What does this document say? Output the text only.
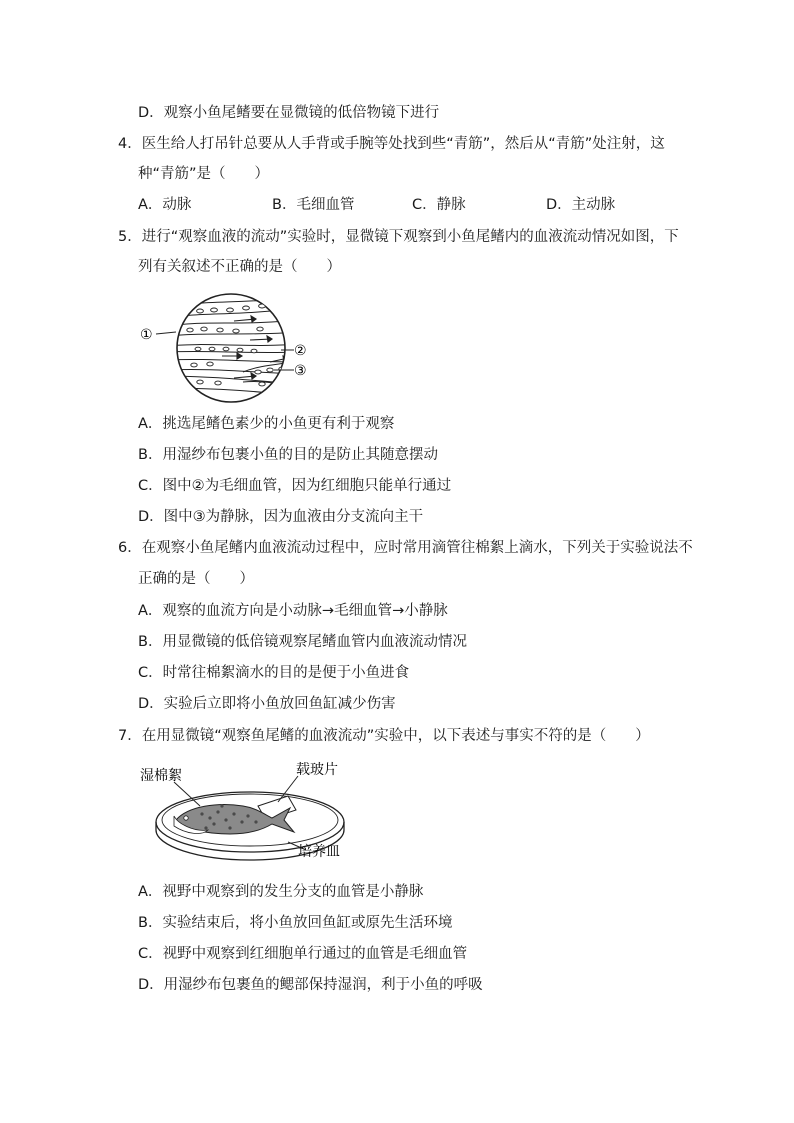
D．观察小鱼尾鳍要在显微镜的低倍物镜下进行
4．医生给人打吊针总要从人手背或手腕等处找到些“青筋”，然后从“青筋”处注射，这
种“青筋”是（　　）
A．动脉	B．毛细血管	C．静脉	D．主动脉
5．进行“观察血液的流动”实验时，显微镜下观察到小鱼尾鳍内的血液流动情况如图，下
列有关叙述不正确的是（　　）
①
②
③
A．挑选尾鳍色素少的小鱼更有利于观察
B．用湿纱布包裹小鱼的目的是防止其随意摆动
C．图中②为毛细血管，因为红细胞只能单行通过
D．图中③为静脉，因为血液由分支流向主干
6．在观察小鱼尾鳍内血液流动过程中，应时常用滴管往棉絮上滴水，下列关于实验说法不
正确的是（　　）
A．观察的血流方向是小动脉→毛细血管→小静脉
B．用显微镜的低倍镜观察尾鳍血管内血液流动情况
C．时常往棉絮滴水的目的是便于小鱼进食
D．实验后立即将小鱼放回鱼缸减少伤害
7．在用显微镜“观察鱼尾鳍的血液流动”实验中，以下表述与事实不符的是（　　）
湿棉絮	载玻片
培养皿
A．视野中观察到的发生分支的血管是小静脉
B．实验结束后，将小鱼放回鱼缸或原先生活环境
C．视野中观察到红细胞单行通过的血管是毛细血管
D．用湿纱布包裹鱼的鳃部保持湿润，利于小鱼的呼吸
